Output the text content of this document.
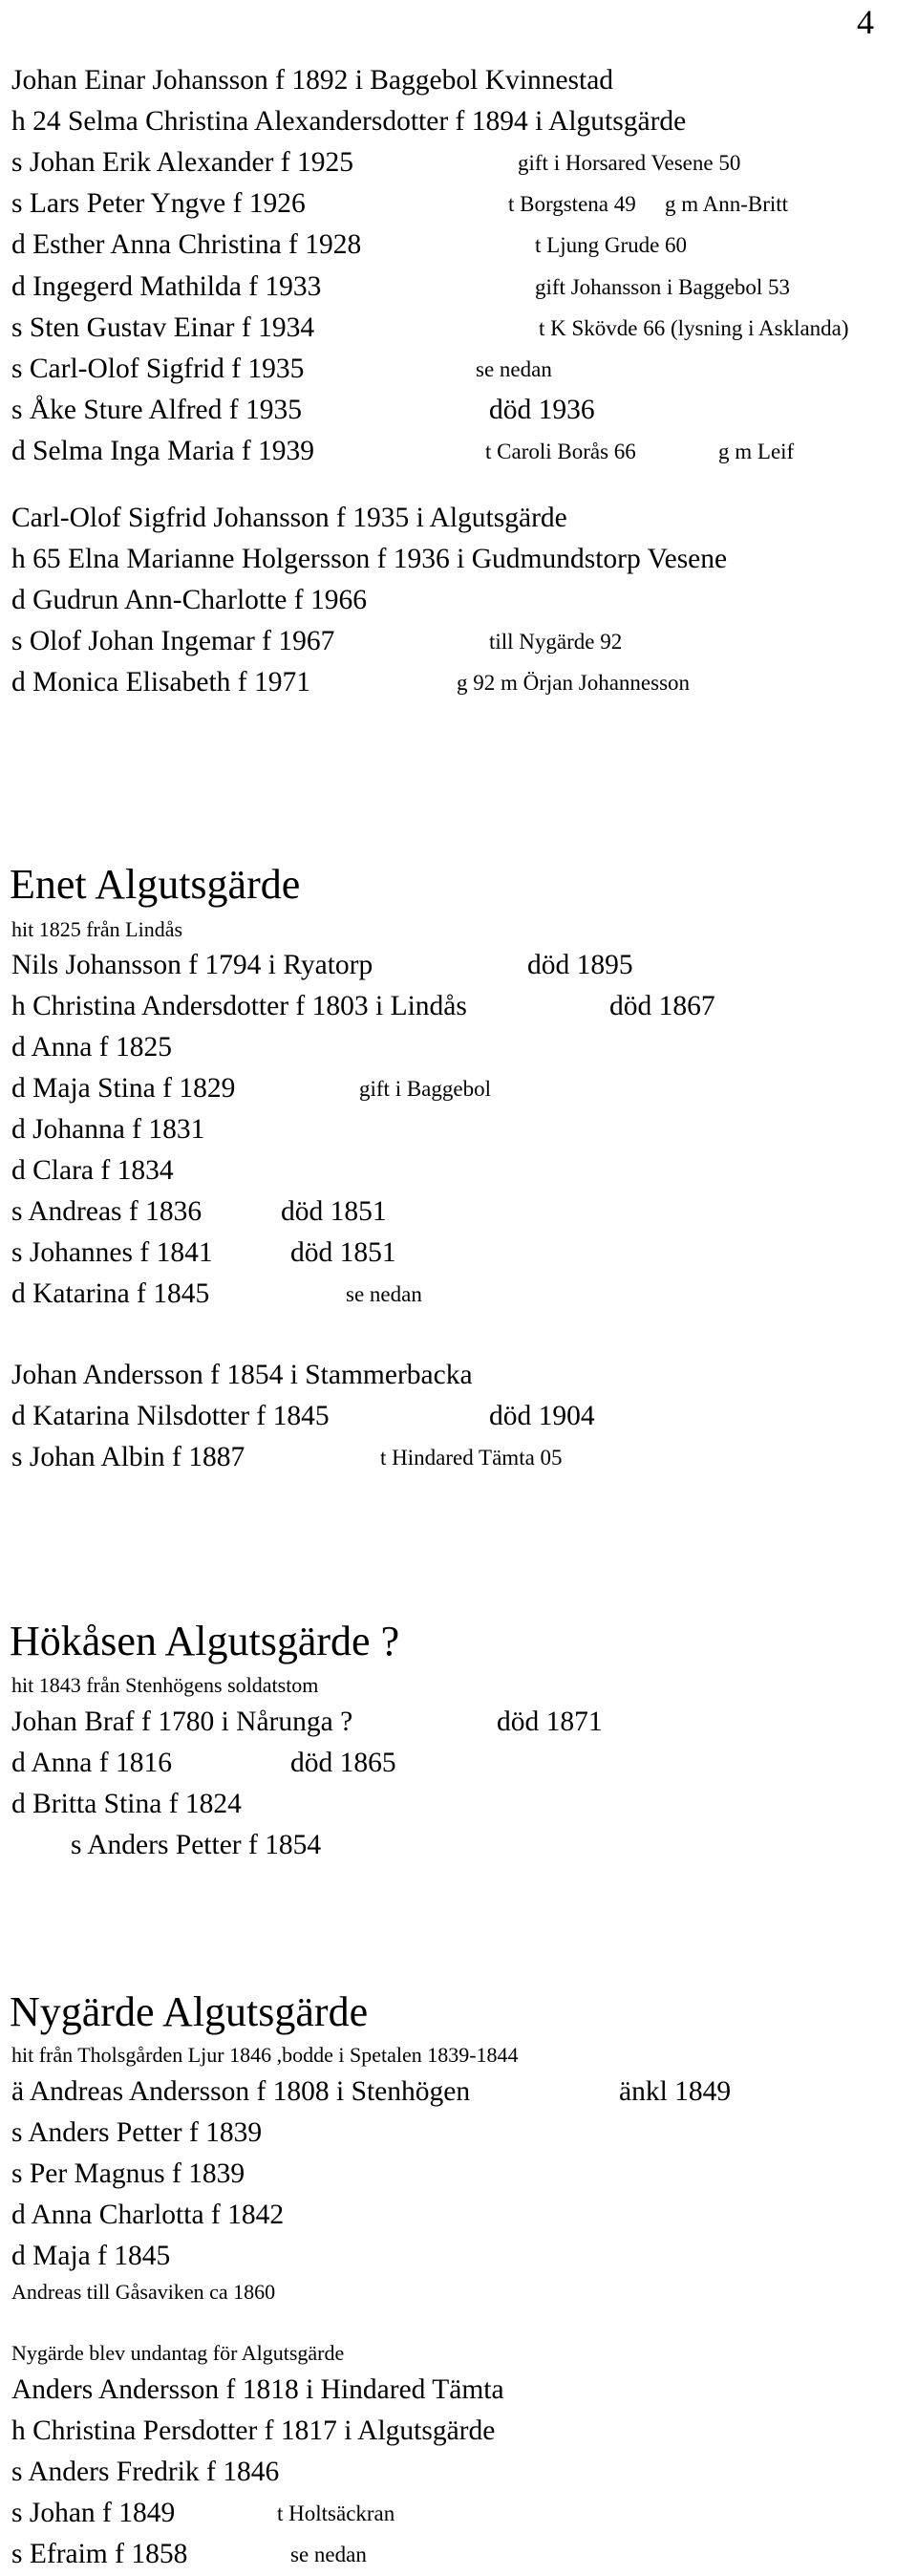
4
Johan Einar Johansson f 1892 i Baggebol Kvinnestad
h 24 Selma Christina Alexandersdotter f 1894 i Algutsgärde
s Johan Erik Alexander f 1925	gift i Horsared Vesene 50
s Lars Peter Yngve f 1926	t Borgstena 49 g m Ann-Britt
d Esther Anna Christina f 1928	t Ljung Grude 60
d Ingegerd Mathilda f 1933	gift Johansson i Baggebol 53
s Sten Gustav Einar f 1934	t K Skövde 66 (lysning i Asklanda)
s Carl-Olof Sigfrid f 1935	se nedan
s Åke Sture Alfred f 1935	död 1936
d Selma Inga Maria f 1939	t Caroli Borås 66	g m Leif
Carl-Olof Sigfrid Johansson f 1935 i Algutsgärde
h 65 Elna Marianne Holgersson f 1936 i Gudmundstorp Vesene
d Gudrun Ann-Charlotte f 1966
s Olof Johan Ingemar f 1967	till Nygärde 92
d Monica Elisabeth f 1971	g 92 m Örjan Johannesson
Enet Algutsgärde
hit 1825 från Lindås
Nils Johansson f 1794 i Ryatorp	död 1895
h Christina Andersdotter f 1803 i Lindås	död 1867
d Anna f 1825
d Maja Stina f 1829	gift i Baggebol
d Johanna f 1831
d Clara f 1834
s Andreas f 1836	död 1851
s Johannes f 1841	död 1851
d Katarina f 1845	se nedan
Johan Andersson f 1854 i Stammerbacka
d Katarina Nilsdotter f 1845	död 1904
s Johan Albin f 1887	t Hindared Tämta 05
Hökåsen Algutsgärde ?
hit 1843 från Stenhögens soldatstom
Johan Braf f 1780 i Nårunga ?	död 1871
d Anna f 1816	död 1865
d Britta Stina f 1824
s Anders Petter f 1854
Nygärde Algutsgärde
hit från Tholsgården Ljur 1846 ,bodde i Spetalen 1839-1844
ä Andreas Andersson f 1808 i Stenhögen	änkl 1849
s Anders Petter f 1839
s Per Magnus f 1839
d Anna Charlotta f 1842
d Maja f 1845
Andreas till Gåsaviken ca 1860
Nygärde blev undantag för Algutsgärde
Anders Andersson f 1818 i Hindared Tämta
h Christina Persdotter f 1817 i Algutsgärde
s Anders Fredrik f 1846
s Johan f 1849	t Holtsäckran
s Efraim f 1858	se nedan
